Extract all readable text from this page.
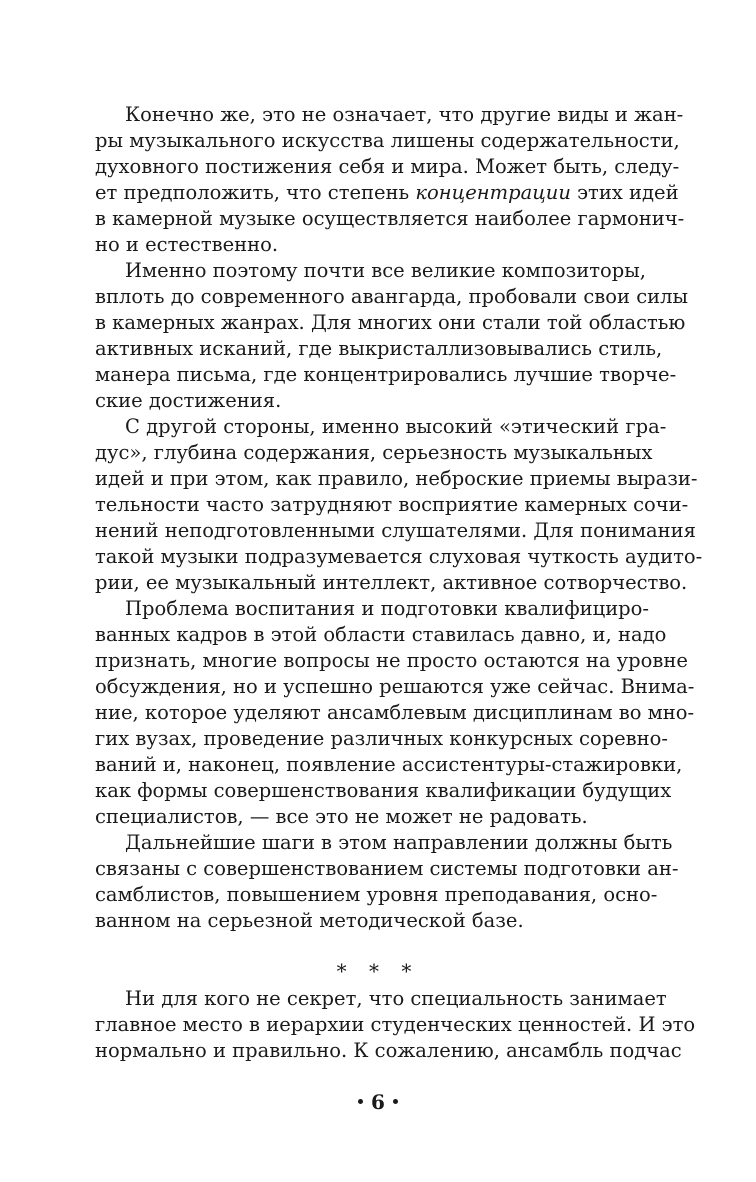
Конечно же, это не означает, что другие виды и жан-
ры музыкального искусства лишены содержательности,
духовного постижения себя и мира. Может быть, следу-
ет предположить, что степень концентрации этих идей
в камерной музыке осуществляется наиболее гармонич-
но и естественно.
Именно поэтому почти все великие композиторы,
вплоть до современного авангарда, пробовали свои силы
в камерных жанрах. Для многих они стали той областью
активных исканий, где выкристаллизовывались стиль,
манера письма, где концентрировались лучшие творче-
ские достижения.
С другой стороны, именно высокий «этический гра-
дус», глубина содержания, серьезность музыкальных
идей и при этом, как правило, неброские приемы вырази-
тельности часто затрудняют восприятие камерных сочи-
нений неподготовленными слушателями. Для понимания
такой музыки подразумевается слуховая чуткость аудито-
рии, ее музыкальный интеллект, активное сотворчество.
Проблема воспитания и подготовки квалифициро-
ванных кадров в этой области ставилась давно, и, надо
признать, многие вопросы не просто остаются на уровне
обсуждения, но и успешно решаются уже сейчас. Внима-
ние, которое уделяют ансамблевым дисциплинам во мно-
гих вузах, проведение различных конкурсных соревно-
ваний и, наконец, появление ассистентуры-стажировки,
как формы совершенствования квалификации будущих
специалистов, — все это не может не радовать.
Дальнейшие шаги в этом направлении должны быть
связаны с совершенствованием системы подготовки ан-
самблистов, повышением уровня преподавания, осно-
ванном на серьезной методической базе.
Ни для кого не секрет, что специальность занимает
главное место в иерархии студенческих ценностей. И это
нормально и правильно. К сожалению, ансамбль подчас
* * *
6
